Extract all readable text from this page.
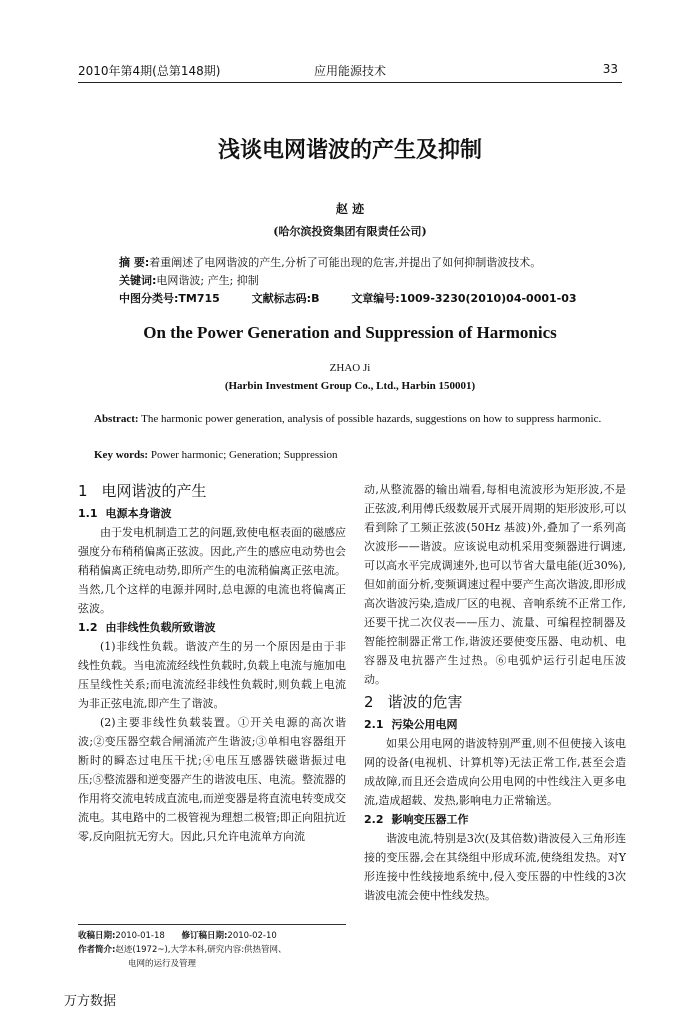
2010年第4期(总第148期)	应用能源技术	33
浅谈电网谐波的产生及抑制
赵 迹
(哈尔滨投资集团有限责任公司)
摘 要:着重阐述了电网谐波的产生,分析了可能出现的危害,并提出了如何抑制谐波技术。
关键词:电网谐波; 产生; 抑制
中图分类号:TM715	文献标志码:B	文章编号:1009-3230(2010)04-0001-03
On the Power Generation and Suppression of Harmonics
ZHAO Ji
(Harbin Investment Group Co., Ltd., Harbin 150001)
Abstract: The harmonic power generation, analysis of possible hazards, suggestions on how to suppress harmonic.
Key words: Power harmonic; Generation; Suppression
1 电网谐波的产生
1.1 电源本身谐波

由于发电机制造工艺的问题,致使电枢表面的磁感应强度分布稍稍偏离正弦波。因此,产生的感应电动势也会稍稍偏离正统电动势,即所产生的电流稍偏离正弦电流。当然,几个这样的电源并网时,总电源的电流也将偏离正弦波。

1.2 由非线性负载所致谐波

(1)非线性负载。谐波产生的另一个原因是由于非线性负载。当电流流经线性负载时,负载上电流与施加电压呈线性关系;而电流流经非线性负载时,则负载上电流为非正弦电流,即产生了谐波。

(2)主要非线性负载装置。①开关电源的高次谐波;②变压器空载合闸涌流产生谐波;③单相电容器组开断时的瞬态过电压干扰;④电压互感器铁磁谐振过电压;⑤整流器和逆变器产生的谐波电压、电流。整流器的作用将交流电转成直流电,而逆变器是将直流电转变成交流电。其电路中的二极管视为理想二极管;即正向阻抗近零,反向阻抗无穷大。因此,只允许电流单方向流

动,从整流器的输出端看,每相电流波形为矩形波,不是正弦波,利用傅氏级数展开式展开周期的矩形波形,可以看到除了工频正弦波(50Hz 基波)外,叠加了一系列高次波形——谐波。应该说电动机采用变频器进行调速,可以高水平完成调速外,也可以节省大量电能(近30%),但如前面分析,变频调速过程中要产生高次谐波,即形成高次谐波污染,造成厂区的电视、音响系统不正常工作,还要干扰二次仪表——压力、流量、可编程控制器及智能控制器正常工作,谐波还要使变压器、电动机、电容器及电抗器产生过热。⑥电弧炉运行引起电压波动。

2 谐波的危害
2.1 污染公用电网

如果公用电网的谐波特别严重,则不但使接入该电网的设备(电视机、计算机等)无法正常工作,甚至会造成故障,而且还会造成向公用电网的中性线注入更多电流,造成超载、发热,影响电力正常输送。

2.2 影响变压器工作

谐波电流,特别是3次(及其倍数)谐波侵入三角形连接的变压器,会在其绕组中形成环流,使绕组发热。对Y形连接中性线接地系统中,侵入变压器的中性线的3次谐波电流会使中性线发热。

收稿日期:2010-01-18 修订稿日期:2010-02-10
作者简介:赵迹(1972~),大学本科,研究内容:供热管网、
电网的运行及管理
万方数据
